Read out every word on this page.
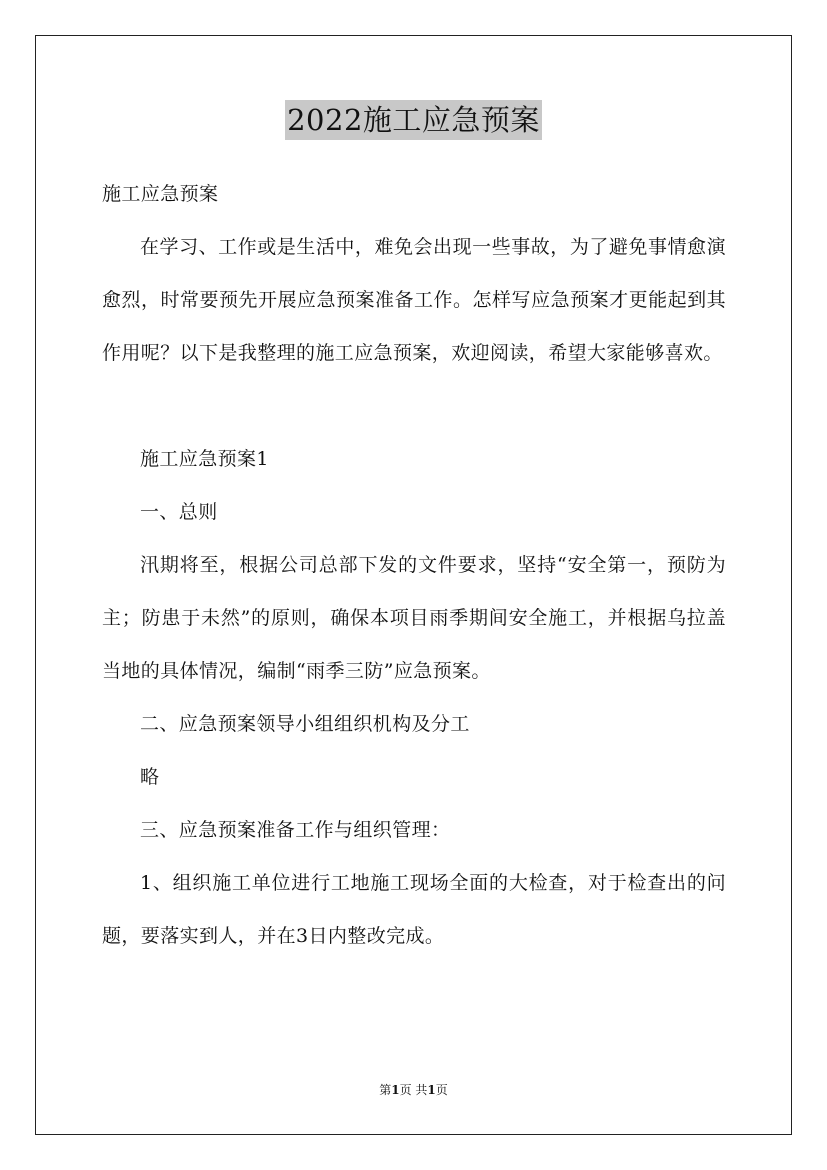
2022施工应急预案

施工应急预案

在学习、工作或是生活中，难免会出现一些事故，为了避免事情愈演愈烈，时常要预先开展应急预案准备工作。怎样写应急预案才更能起到其作用呢？以下是我整理的施工应急预案，欢迎阅读，希望大家能够喜欢。

施工应急预案1

一、总则

汛期将至，根据公司总部下发的文件要求，坚持“安全第一，预防为主；防患于未然”的原则，确保本项目雨季期间安全施工，并根据乌拉盖当地的具体情况，编制“雨季三防”应急预案。

二、应急预案领导小组组织机构及分工

略

三、应急预案准备工作与组织管理：

1、组织施工单位进行工地施工现场全面的大检查，对于检查出的问题，要落实到人，并在3日内整改完成。

第1页 共1页
